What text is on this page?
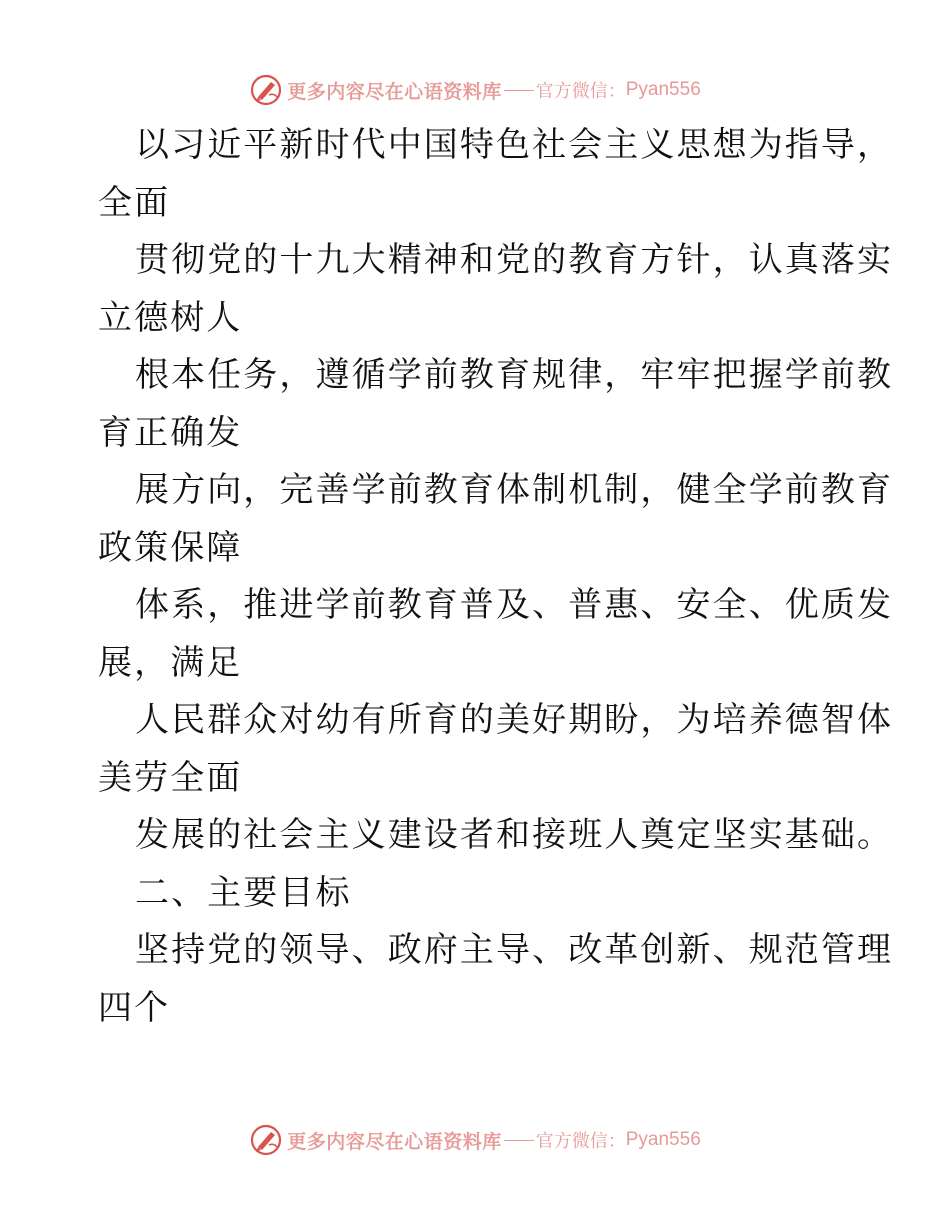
更多内容尽在心语资料库 官方微信： Pyan556
以习近平新时代中国特色社会主义思想为指导，
全面
贯彻党的十九大精神和党的教育方针，认真落实
立德树人
根本任务，遵循学前教育规律，牢牢把握学前教
育正确发
展方向，完善学前教育体制机制，健全学前教育
政策保障
体系，推进学前教育普及、普惠、安全、优质发
展，满足
人民群众对幼有所育的美好期盼，为培养德智体
美劳全面
发展的社会主义建设者和接班人奠定坚实基础。
二、主要目标
坚持党的领导、政府主导、改革创新、规范管理
四个
更多内容尽在心语资料库 官方微信： Pyan556
